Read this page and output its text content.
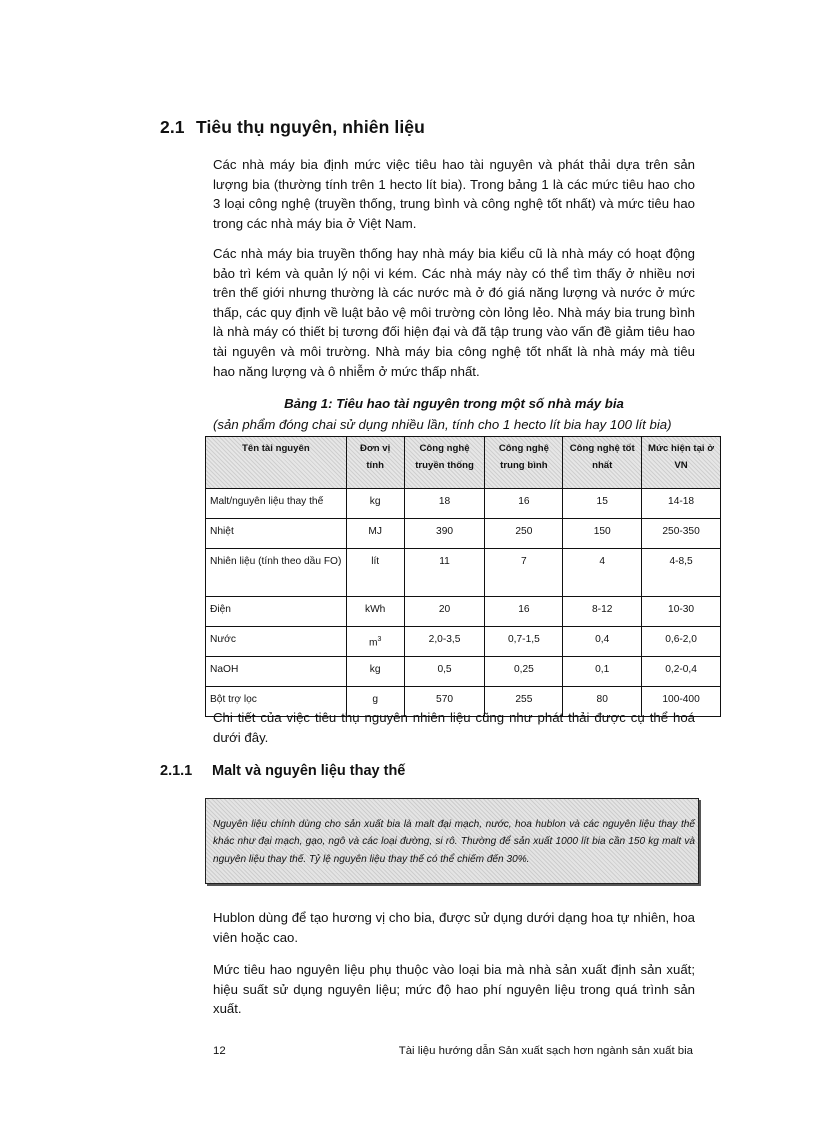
2.1 Tiêu thụ nguyên, nhiên liệu

Các nhà máy bia định mức việc tiêu hao tài nguyên và phát thải dựa trên sản lượng bia (thường tính trên 1 hecto lít bia). Trong bảng 1 là các mức tiêu hao cho 3 loại công nghệ (truyền thống, trung bình và công nghệ tốt nhất) và mức tiêu hao trong các nhà máy bia ở Việt Nam.

Các nhà máy bia truyền thống hay nhà máy bia kiểu cũ là nhà máy có hoạt động bảo trì kém và quản lý nội vi kém. Các nhà máy này có thể tìm thấy ở nhiều nơi trên thế giới nhưng thường là các nước mà ở đó giá năng lượng và nước ở mức thấp, các quy định về luật bảo vệ môi trường còn lỏng lẻo. Nhà máy bia trung bình là nhà máy có thiết bị tương đối hiện đại và đã tập trung vào vấn đề giảm tiêu hao tài nguyên và môi trường. Nhà máy bia công nghệ tốt nhất là nhà máy mà tiêu hao năng lượng và ô nhiễm ở mức thấp nhất.

Bảng 1: Tiêu hao tài nguyên trong một số nhà máy bia

(sản phẩm đóng chai sử dụng nhiều lần, tính cho 1 hecto lít bia hay 100 lít bia)

Tên tài nguyên	Đơn vị tính	Công nghệ truyền thống	Công nghệ trung bình	Công nghệ tốt nhất	Mức hiện tại ở VN
Malt/nguyên liệu thay thế	kg	18	16	15	14-18
Nhiệt	MJ	390	250	150	250-350
Nhiên liệu (tính theo dầu FO)	lít	11	7	4	4-8,5
Điện	kWh	20	16	8-12	10-30
Nước	$m^3$	2,0-3,5	0,7-1,5	0,4	0,6-2,0
NaOH	kg	0,5	0,25	0,1	0,2-0,4
Bột trợ lọc	g	570	255	80	100-400

Chi tiết của việc tiêu thụ nguyên nhiên liệu cũng như phát thải được cụ thể hoá dưới đây.

2.1.1 Malt và nguyên liệu thay thế

Nguyên liệu chính dùng cho sản xuất bia là malt đại mạch, nước, hoa hublon và các nguyên liệu thay thế khác như đại mạch, gạo, ngô và các loại đường, si rô. Thường để sản xuất 1000 lít bia cần 150 kg malt và nguyên liệu thay thế. Tỷ lệ nguyên liệu thay thế có thể chiếm đến 30%.

Hublon dùng để tạo hương vị cho bia, được sử dụng dưới dạng hoa tự nhiên, hoa viên hoặc cao.

Mức tiêu hao nguyên liệu phụ thuộc vào loại bia mà nhà sản xuất định sản xuất; hiệu suất sử dụng nguyên liệu; mức độ hao phí nguyên liệu trong quá trình sản xuất.

12	Tài liệu hướng dẫn Sản xuất sạch hơn ngành sản xuất bia
